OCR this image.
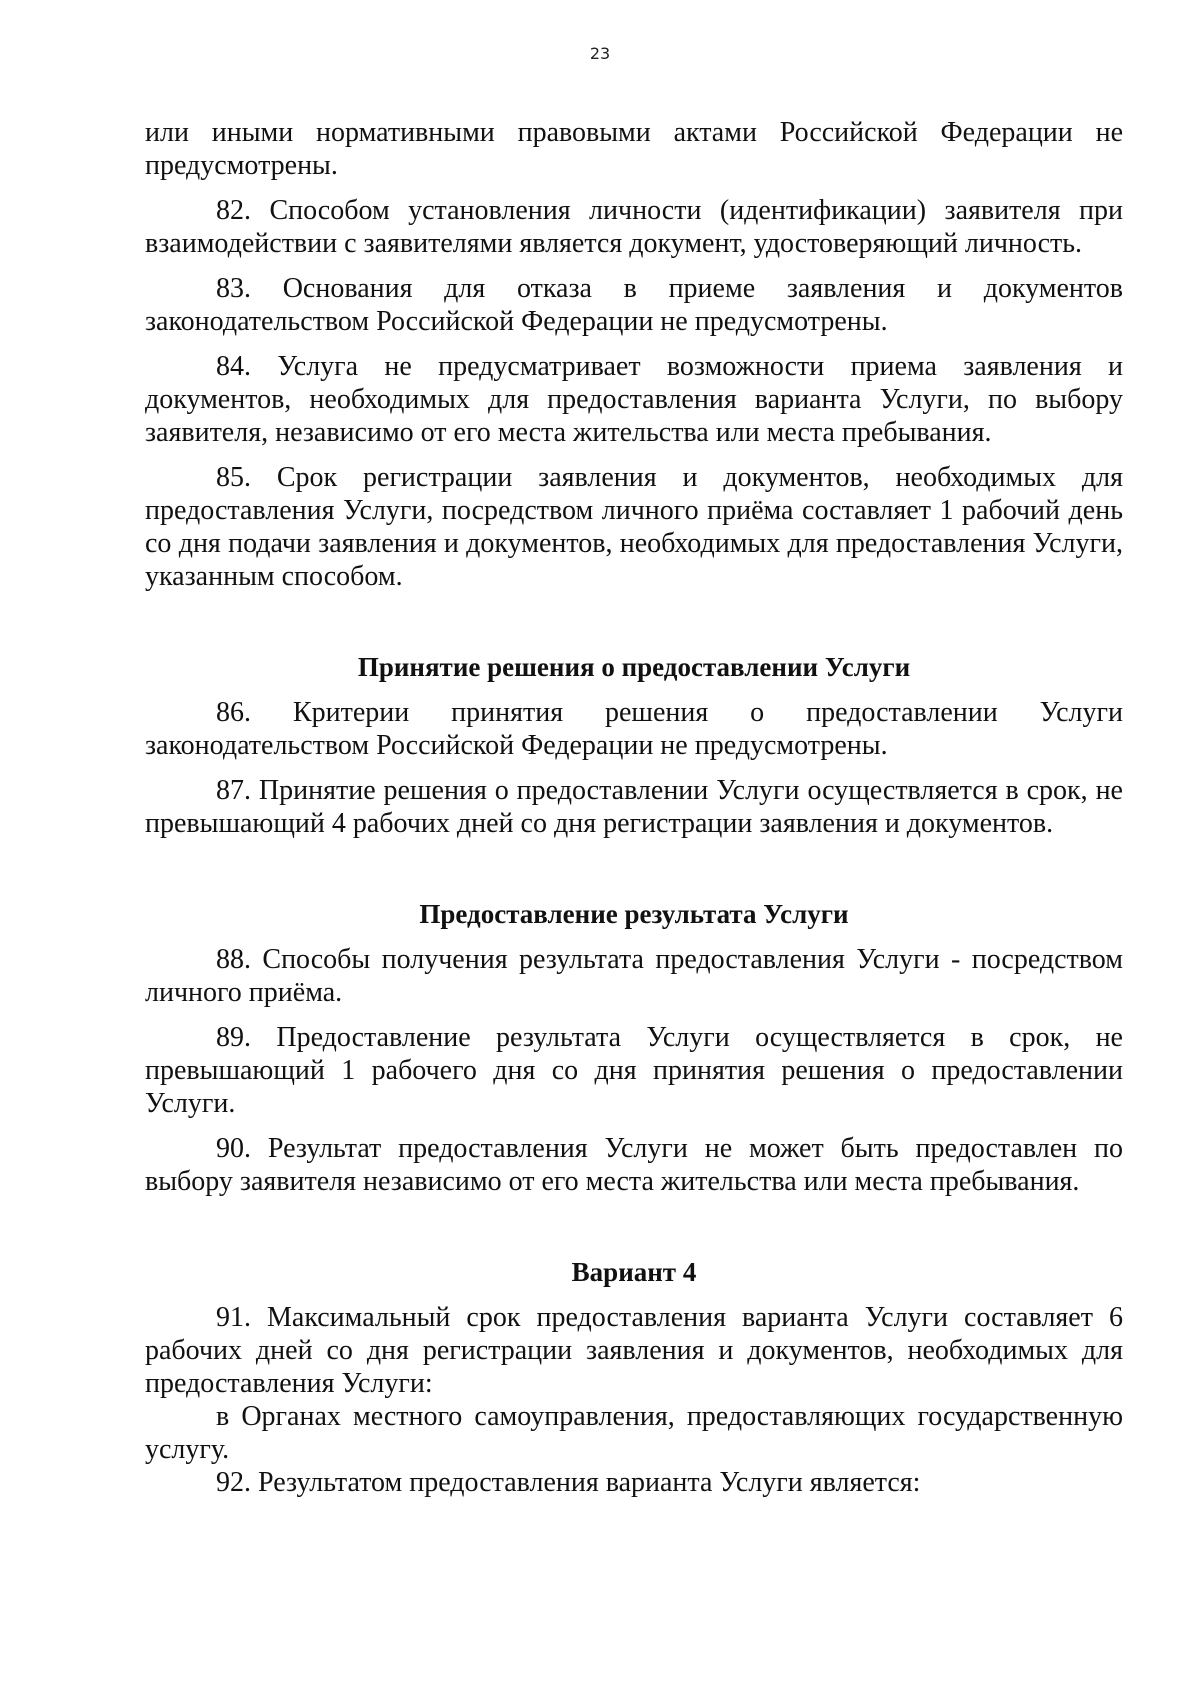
23

или иными нормативными правовыми актами Российской Федерации не предусмотрены.

82. Способом установления личности (идентификации) заявителя при взаимодействии с заявителями является документ, удостоверяющий личность.

83. Основания для отказа в приеме заявления и документов законодательством Российской Федерации не предусмотрены.

84. Услуга не предусматривает возможности приема заявления и документов, необходимых для предоставления варианта Услуги, по выбору заявителя, независимо от его места жительства или места пребывания.

85. Срок регистрации заявления и документов, необходимых для предоставления Услуги, посредством личного приёма составляет 1 рабочий день со дня подачи заявления и документов, необходимых для предоставления Услуги, указанным способом.

Принятие решения о предоставлении Услуги

86. Критерии принятия решения о предоставлении Услуги законодательством Российской Федерации не предусмотрены.

87. Принятие решения о предоставлении Услуги осуществляется в срок, не превышающий 4 рабочих дней со дня регистрации заявления и документов.

Предоставление результата Услуги

88. Способы получения результата предоставления Услуги - посредством личного приёма.

89. Предоставление результата Услуги осуществляется в срок, не превышающий 1 рабочего дня со дня принятия решения о предоставлении Услуги.

90. Результат предоставления Услуги не может быть предоставлен по выбору заявителя независимо от его места жительства или места пребывания.

Вариант 4

91. Максимальный срок предоставления варианта Услуги составляет 6 рабочих дней со дня регистрации заявления и документов, необходимых для предоставления Услуги:

в Органах местного самоуправления, предоставляющих государственную услугу.

92. Результатом предоставления варианта Услуги является:
